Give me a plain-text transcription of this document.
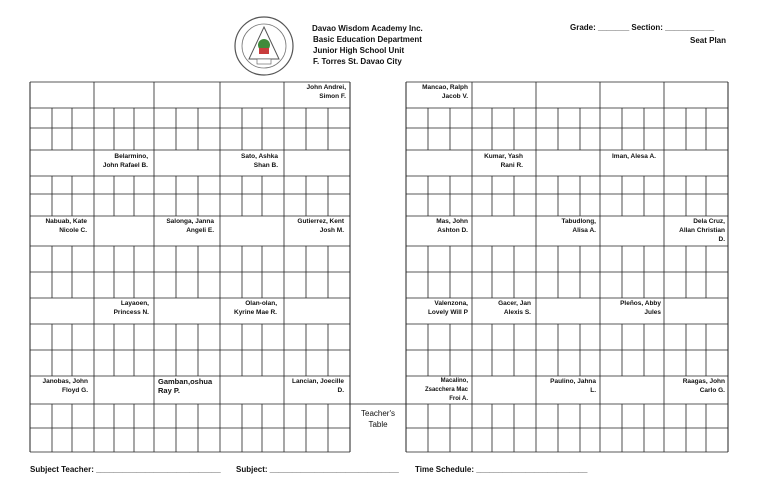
Davao Wisdom Academy Inc.
Basic Education Department
Junior High School Unit
F. Torres St. Davao City
Grade: _______ Section: ___________
Seat Plan
John Andrei,
Simon F.
Mancao, Ralph
Jacob V.
Belarmino,
John Rafael B.
Sato, Ashka
Shan B.
Kumar, Yash
Rani R.
Iman, Alesa A.
Nabuab, Kate
Nicole C.
Salonga, Janna
Angeli E.
Gutierrez, Kent
Josh M.
Mas, John
Ashton D.
Tabudlong,
Alisa A.
Dela Cruz,
Allan Christian
D.
Layaoen,
Princess N.
Olan-olan,
Kyrine Mae R.
Valenzona,
Lovely Will P
Gacer, Jan
Alexis S.
Pleños, Abby
Jules
Janobas, John
Floyd G.
Gamban,oshua
Ray P.
Lancian, Joecille
D.
Macalino,
Zsacchera Mac
Froi A.
Paulino, Jahna
L.
Raagas, John
Carlo G.
Teacher's
Table
Subject Teacher: ____________________________ Subject: _____________________________ Time Schedule: _________________________
